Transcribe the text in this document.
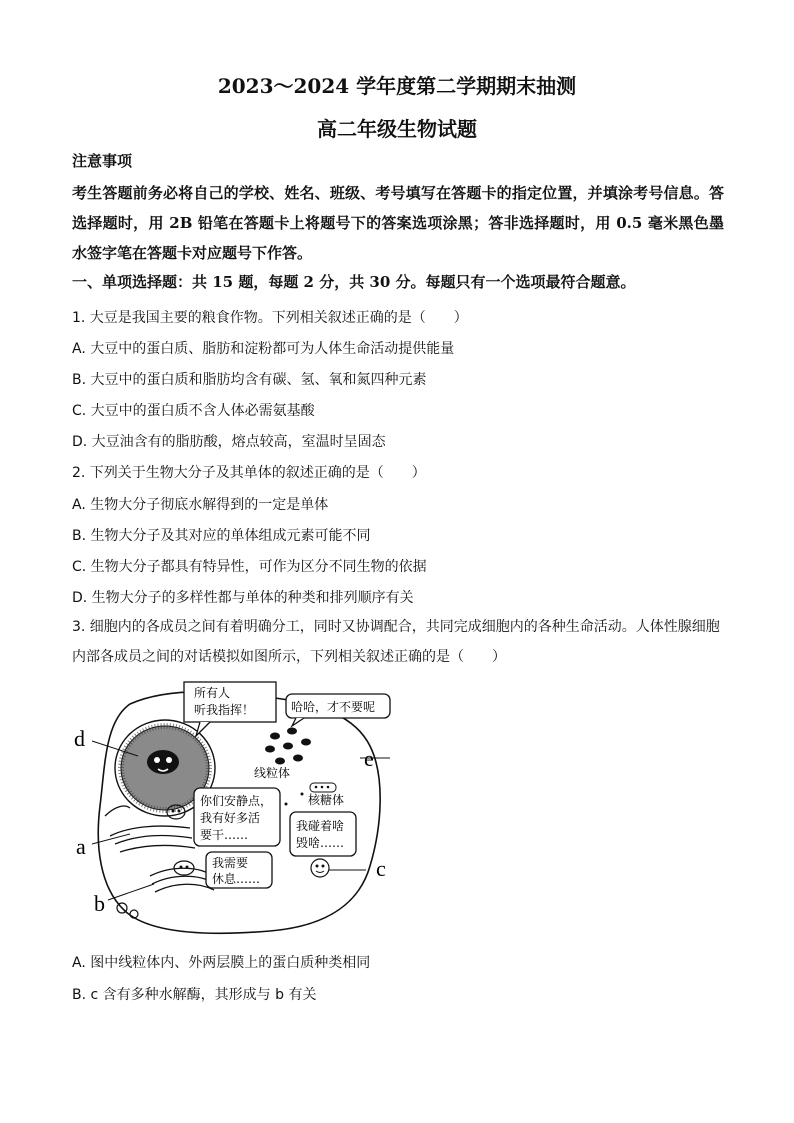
2023～2024 学年度第二学期期末抽测
高二年级生物试题
注意事项
考生答题前务必将自己的学校、姓名、班级、考号填写在答题卡的指定位置，并填涂考号信息。答选择题时，用 2B 铅笔在答题卡上将题号下的答案选项涂黑；答非选择题时，用 0.5 毫米黑色墨水签字笔在答题卡对应题号下作答。
一、单项选择题：共 15 题，每题 2 分，共 30 分。每题只有一个选项最符合题意。
1. 大豆是我国主要的粮食作物。下列相关叙述正确的是（　　）
A. 大豆中的蛋白质、脂肪和淀粉都可为人体生命活动提供能量
B. 大豆中的蛋白质和脂肪均含有碳、氢、氧和氮四种元素
C. 大豆中的蛋白质不含人体必需氨基酸
D. 大豆油含有的脂肪酸，熔点较高，室温时呈固态
2. 下列关于生物大分子及其单体的叙述正确的是（　　）
A. 生物大分子彻底水解得到的一定是单体
B. 生物大分子及其对应的单体组成元素可能不同
C. 生物大分子都具有特异性，可作为区分不同生物的依据
D. 生物大分子的多样性都与单体的种类和排列顺序有关
3. 细胞内的各成员之间有着明确分工，同时又协调配合，共同完成细胞内的各种生命活动。人体性腺细胞内部各成员之间的对话模拟如图所示，下列相关叙述正确的是（　　）
线粒体
核糖体
所有人
听我指挥！	哈哈，才不要呢
你们安静点，
我有好多活
要干……
我碰着啥
毁啥……
我需要
休息……
d
e
a
b
c
A. 图中线粒体内、外两层膜上的蛋白质种类相同
B. c 含有多种水解酶，其形成与 b 有关
